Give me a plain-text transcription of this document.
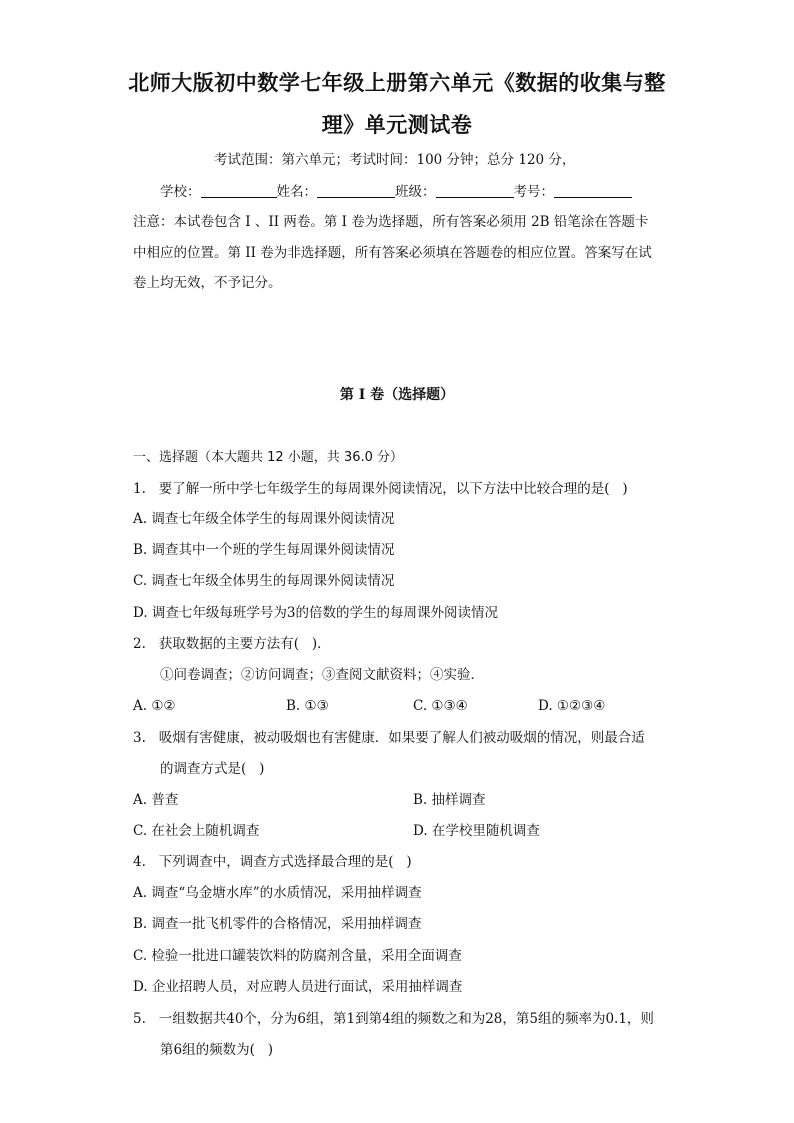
北师大版初中数学七年级上册第六单元《数据的收集与整
理》单元测试卷
考试范围：第六单元；考试时间：100 分钟；总分 120 分，
学校：	姓名：	班级：	考号：
注意：本试卷包含 I 、II 两卷。第 I 卷为选择题，所有答案必须用 2B 铅笔涂在答题卡
中相应的位置。第 II 卷为非选择题，所有答案必须填在答题卷的相应位置。答案写在试
卷上均无效，不予记分。
第 I 卷（选择题）
一、选择题（本大题共 12 小题，共 36.0 分）
1.   要了解一所中学七年级学生的每周课外阅读情况，以下方法中比较合理的是(   )
A. 调查七年级全体学生的每周课外阅读情况
B. 调查其中一个班的学生每周课外阅读情况
C. 调查七年级全体男生的每周课外阅读情况
D. 调查七年级每班学号为3的倍数的学生的每周课外阅读情况
2.   获取数据的主要方法有(   )．
①问卷调查；②访问调查；③查阅文献资料；④实验．
A. ①②	B. ①③	C. ①③④	D. ①②③④
3.   吸烟有害健康，被动吸烟也有害健康．如果要了解人们被动吸烟的情况，则最合适
的调查方式是(   )
A. 普查	B. 抽样调查
C. 在社会上随机调查	D. 在学校里随机调查
4.   下列调查中，调查方式选择最合理的是(   )
A. 调查“乌金塘水库”的水质情况，采用抽样调查
B. 调查一批飞机零件的合格情况，采用抽样调查
C. 检验一批进口罐装饮料的防腐剂含量，采用全面调查
D. 企业招聘人员，对应聘人员进行面试，采用抽样调查
5.   一组数据共40个，分为6组，第1到第4组的频数之和为28，第5组的频率为0.1，则
第6组的频数为(   )
